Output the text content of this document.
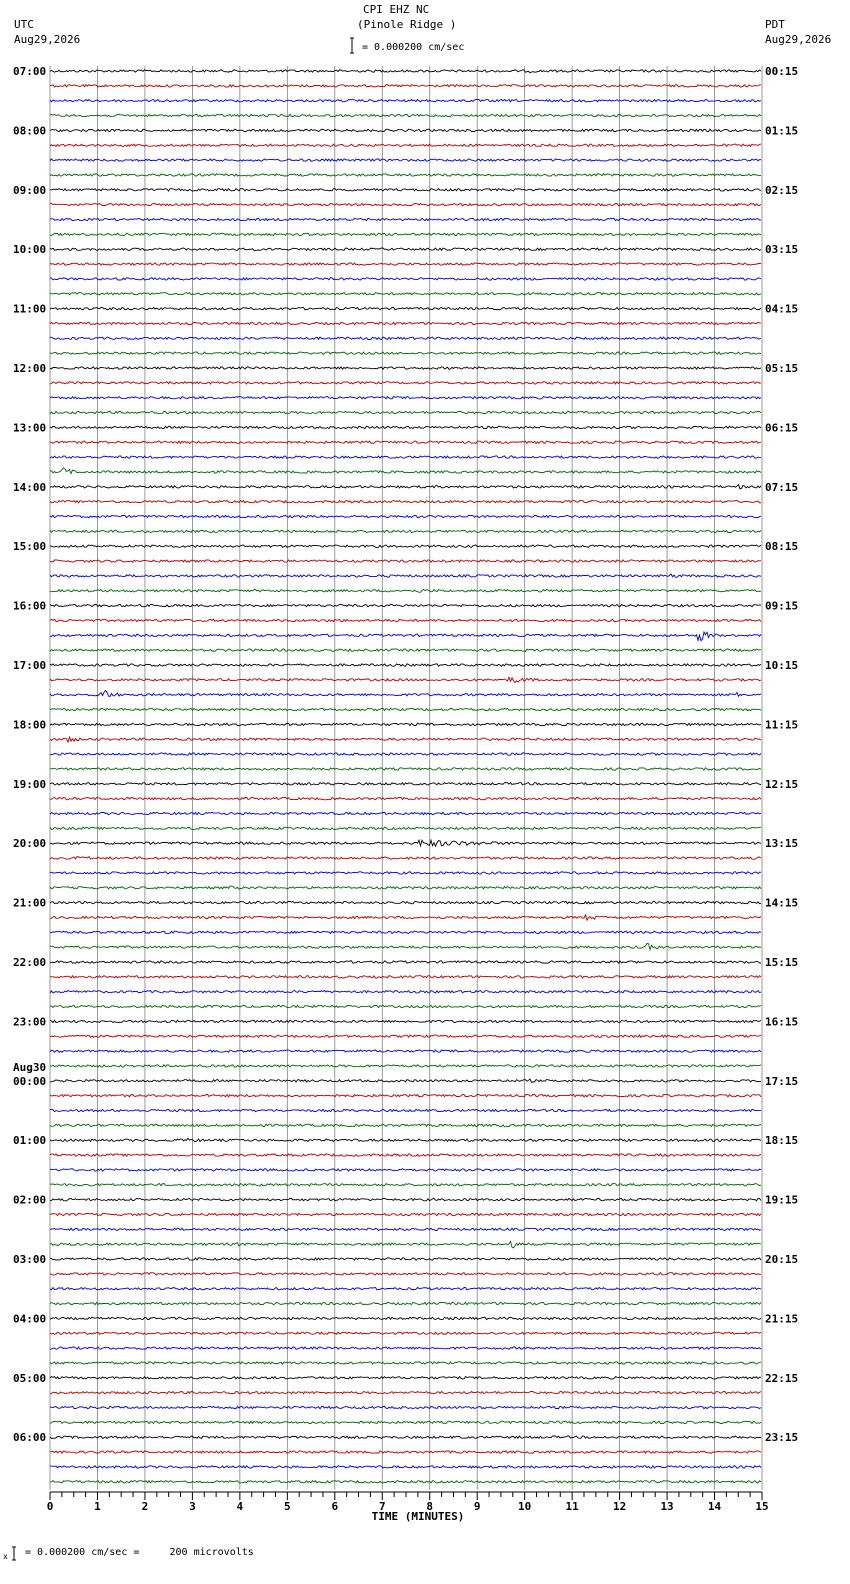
CPI EHZ NC
(Pinole Ridge )
= 0.000200 cm/sec
UTC
Aug29,2026
PDT
Aug29,2026
= 0.000200 cm/sec =     200 microvolts
x
07:00	00:15
08:00	01:15
09:00	02:15
10:00	03:15
11:00	04:15
12:00	05:15
13:00	06:15
14:00	07:15
15:00	08:15
16:00	09:15
17:00	10:15
18:00	11:15
19:00	12:15
20:00	13:15
21:00	14:15
22:00	15:15
23:00	16:15
00:00	17:15
01:00	18:15
02:00	19:15
03:00	20:15
04:00	21:15
05:00	22:15
06:00	23:15
Aug30
0	1	2	3	4	5	6	7	8	9	10	11	12	13	14	15
TIME (MINUTES)
